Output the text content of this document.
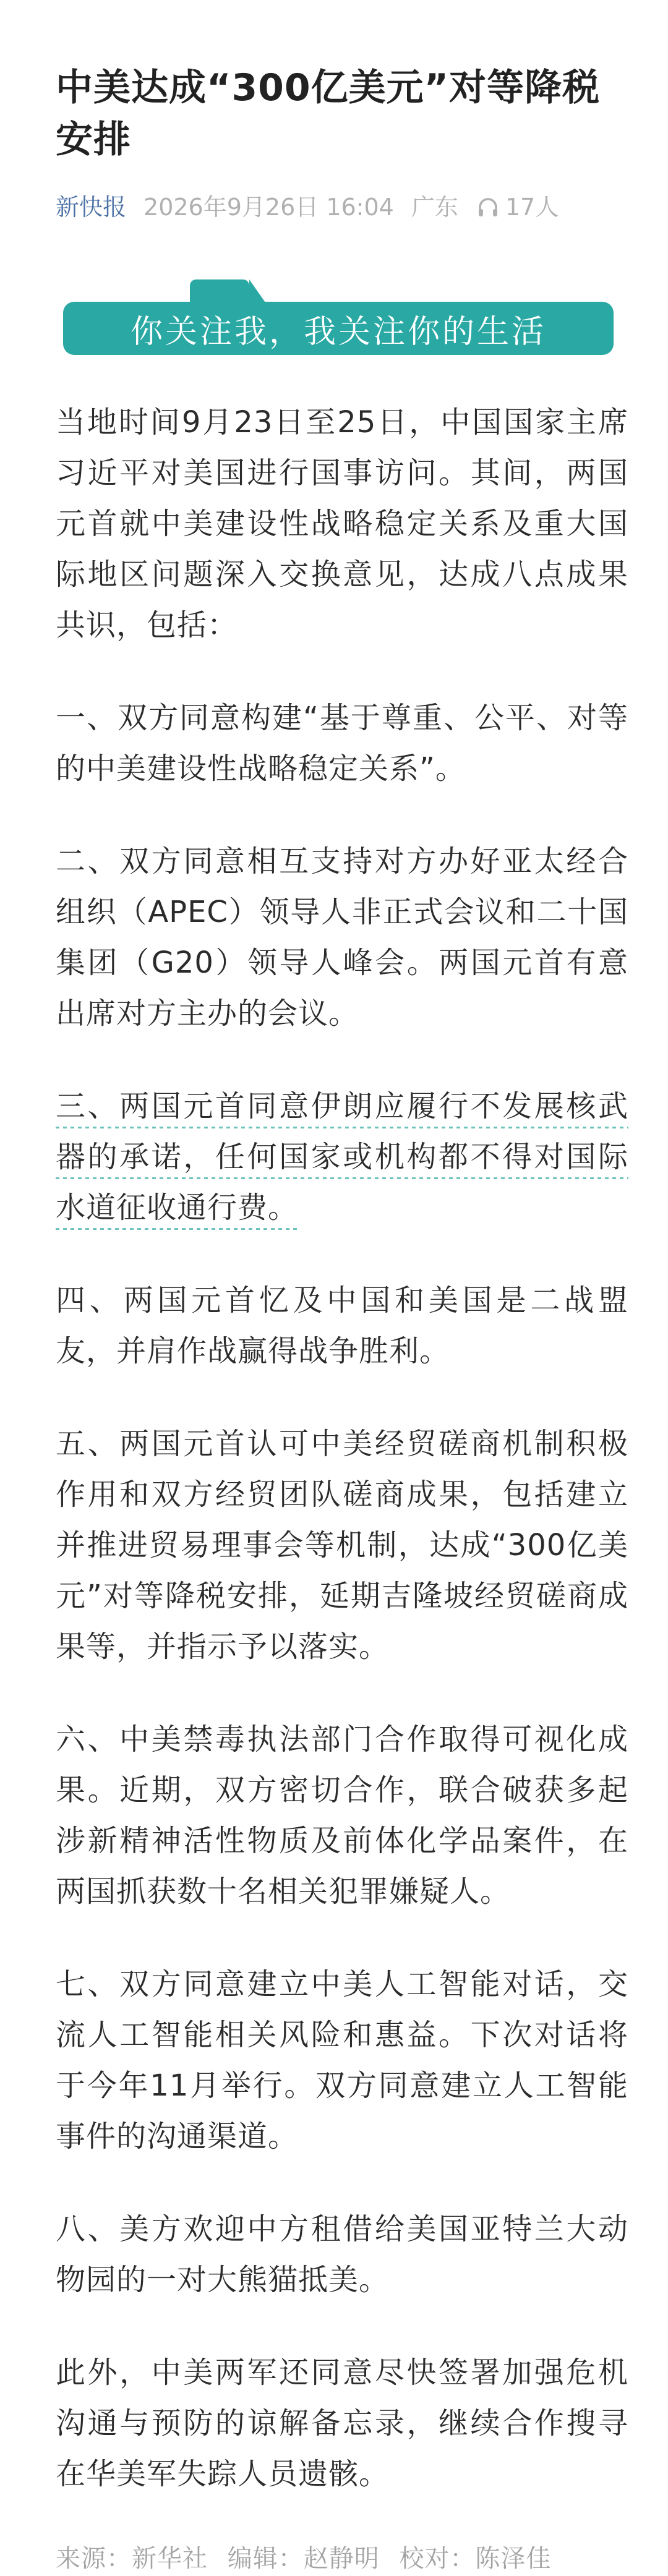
中美达成“300亿美元”对等降税安排
新快报 2026年9月26日 16:04 广东 17人
你关注我，我关注你的生活

当地时间9月23日至25日，中国国家主席习近平对美国进行国事访问。其间，两国元首就中美建设性战略稳定关系及重大国际地区问题深入交换意见，达成八点成果共识，包括：

一、双方同意构建“基于尊重、公平、对等的中美建设性战略稳定关系”。

二、双方同意相互支持对方办好亚太经合组织（APEC）领导人非正式会议和二十国集团（G20）领导人峰会。两国元首有意出席对方主办的会议。

三、两国元首同意伊朗应履行不发展核武器的承诺，任何国家或机构都不得对国际水道征收通行费。

四、两国元首忆及中国和美国是二战盟友，并肩作战赢得战争胜利。

五、两国元首认可中美经贸磋商机制积极作用和双方经贸团队磋商成果，包括建立并推进贸易理事会等机制，达成“300亿美元”对等降税安排，延期吉隆坡经贸磋商成果等，并指示予以落实。

六、中美禁毒执法部门合作取得可视化成果。近期，双方密切合作，联合破获多起涉新精神活性物质及前体化学品案件，在两国抓获数十名相关犯罪嫌疑人。

七、双方同意建立中美人工智能对话，交流人工智能相关风险和惠益。下次对话将于今年11月举行。双方同意建立人工智能事件的沟通渠道。

八、美方欢迎中方租借给美国亚特兰大动物园的一对大熊猫抵美。

此外，中美两军还同意尽快签署加强危机沟通与预防的谅解备忘录，继续合作搜寻在华美军失踪人员遗骸。

来源：新华社 编辑：赵静明 校对：陈泽佳
